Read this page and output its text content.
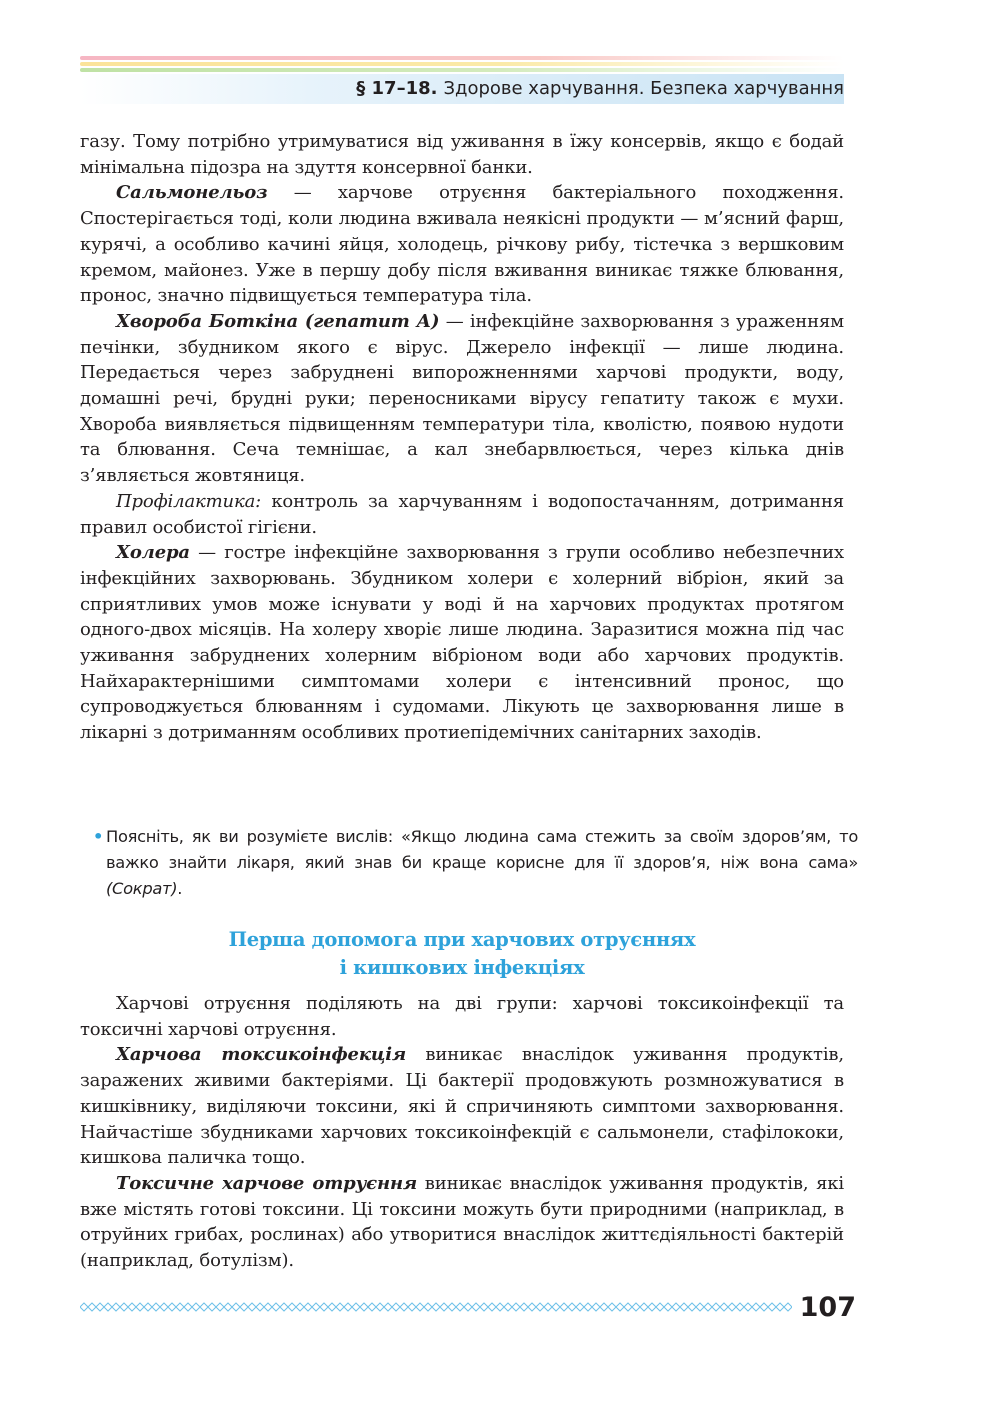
§ 17–18. Здорове харчування. Безпека харчування

газу. Тому потрібно утримуватися від уживання в їжу консервів, якщо є бодай мінімальна підозра на здуття консервної банки.

Сальмонельоз — харчове отруєння бактеріального походження. Спостерігається тоді, коли людина вживала неякісні продукти — м’ясний фарш, курячі, а особливо качині яйця, холодець, річкову рибу, тістечка з вершковим кремом, майонез. Уже в першу добу після вживання виникає тяжке блювання, пронос, значно підвищується температура тіла.

Хвороба Боткіна (гепатит А) — інфекційне захворювання з ураженням печінки, збудником якого є вірус. Джерело інфекції — лише людина. Передається через забруднені випорожненнями харчові продукти, воду, домашні речі, брудні руки; переносниками вірусу гепатиту також є мухи. Хвороба виявляється підвищенням температури тіла, кволістю, появою нудоти та блювання. Сеча темнішає, а кал знебарвлюється, через кілька днів з’являється жовтяниця.

Профілактика: контроль за харчуванням і водопостачанням, дотримання правил особистої гігієни.

Холера — гостре інфекційне захворювання з групи особливо небезпечних інфекційних захворювань. Збудником холери є холерний вібріон, який за сприятливих умов може існувати у воді й на харчових продуктах протягом одного-двох місяців. На холеру хворіє лише людина. Заразитися можна під час уживання забруднених холерним вібріоном води або харчових продуктів. Найхарактернішими симптомами холери є інтенсивний пронос, що супроводжується блюванням і судомами. Лікують це захворювання лише в лікарні з дотриманням особливих протиепідемічних санітарних заходів.

• Поясніть, як ви розумієте вислів: «Якщо людина сама стежить за своїм здоров’ям, то важко знайти лікаря, який знав би краще корисне для її здоров’я, ніж вона сама» (Сократ).
Перша допомога при харчових отруєннях
і кишкових інфекціях

Харчові отруєння поділяють на дві групи: харчові токсикоінфекції та токсичні харчові отруєння.

Харчова токсикоінфекція виникає внаслідок уживання продуктів, заражених живими бактеріями. Ці бактерії продовжують розмножуватися в кишківнику, виділяючи токсини, які й спричиняють симптоми захворювання. Найчастіше збудниками харчових токсикоінфекцій є сальмонели, стафілококи, кишкова паличка тощо.

Токсичне харчове отруєння виникає внаслідок уживання продуктів, які вже містять готові токсини. Ці токсини можуть бути природними (наприклад, в отруйних грибах, рослинах) або утворитися внаслідок життєдіяльності бактерій (наприклад, ботулізм).

107
